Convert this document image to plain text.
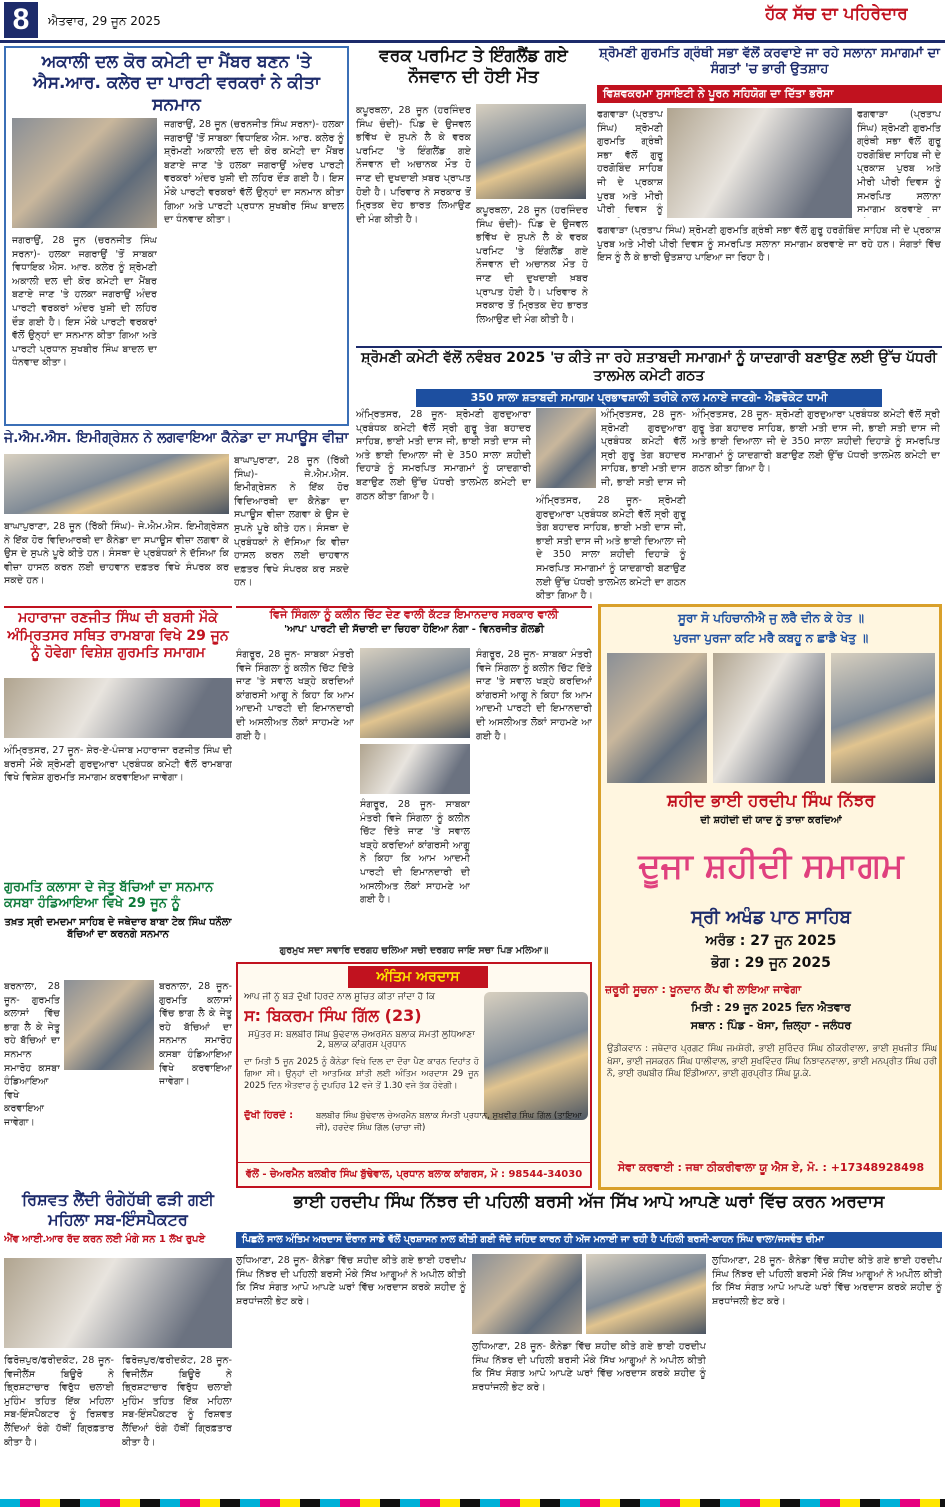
8	ਐਤਵਾਰ, 29 ਜੂਨ 2025	ਹੱਕ ਸੱਚ ਦਾ ਪਹਿਰੇਦਾਰ
ਅਕਾਲੀ ਦਲ ਕੋਰ ਕਮੇਟੀ ਦਾ ਮੈਂਬਰ ਬਣਨ 'ਤੇ ਐਸ.ਆਰ. ਕਲੇਰ ਦਾ ਪਾਰਟੀ ਵਰਕਰਾਂ ਨੇ ਕੀਤਾ ਸਨਮਾਨ
ਜਗਰਾਉਂ, 28 ਜੂਨ (ਚਰਨਜੀਤ ਸਿੰਘ ਸਰਨਾ)- ਹਲਕਾ ਜਗਰਾਉਂ 'ਤੋਂ ਸਾਬਕਾ ਵਿਧਾਇਕ ਐਸ. ਆਰ. ਕਲੇਰ ਨੂੰ ਸ਼੍ਰੋਮਣੀ ਅਕਾਲੀ ਦਲ ਦੀ ਕੋਰ ਕਮੇਟੀ ਦਾ ਮੈਂਬਰ ਬਣਾਏ ਜਾਣ 'ਤੇ ਹਲਕਾ ਜਗਰਾਉਂ ਅੰਦਰ ਪਾਰਟੀ ਵਰਕਰਾਂ ਅੰਦਰ ਖੁਸ਼ੀ ਦੀ ਲਹਿਰ ਦੌੜ ਗਈ ਹੈ। ਇਸ ਮੌਕੇ ਪਾਰਟੀ ਵਰਕਰਾਂ ਵੱਲੋਂ ਉਨ੍ਹਾਂ ਦਾ ਸਨਮਾਨ ਕੀਤਾ ਗਿਆ ਅਤੇ ਪਾਰਟੀ ਪ੍ਰਧਾਨ ਸੁਖਬੀਰ ਸਿੰਘ ਬਾਦਲ ਦਾ ਧੰਨਵਾਦ ਕੀਤਾ।
ਜਗਰਾਉਂ, 28 ਜੂਨ (ਚਰਨਜੀਤ ਸਿੰਘ ਸਰਨਾ)- ਹਲਕਾ ਜਗਰਾਉਂ 'ਤੋਂ ਸਾਬਕਾ ਵਿਧਾਇਕ ਐਸ. ਆਰ. ਕਲੇਰ ਨੂੰ ਸ਼੍ਰੋਮਣੀ ਅਕਾਲੀ ਦਲ ਦੀ ਕੋਰ ਕਮੇਟੀ ਦਾ ਮੈਂਬਰ ਬਣਾਏ ਜਾਣ 'ਤੇ ਹਲਕਾ ਜਗਰਾਉਂ ਅੰਦਰ ਪਾਰਟੀ ਵਰਕਰਾਂ ਅੰਦਰ ਖੁਸ਼ੀ ਦੀ ਲਹਿਰ ਦੌੜ ਗਈ ਹੈ। ਇਸ ਮੌਕੇ ਪਾਰਟੀ ਵਰਕਰਾਂ ਵੱਲੋਂ ਉਨ੍ਹਾਂ ਦਾ ਸਨਮਾਨ ਕੀਤਾ ਗਿਆ ਅਤੇ ਪਾਰਟੀ ਪ੍ਰਧਾਨ ਸੁਖਬੀਰ ਸਿੰਘ ਬਾਦਲ ਦਾ ਧੰਨਵਾਦ ਕੀਤਾ।
ਵਰਕ ਪਰਮਿਟ ਤੇ ਇੰਗਲੈਂਡ ਗਏ ਨੌਜਵਾਨ ਦੀ ਹੋਈ ਮੌਤ
ਕਪੂਰਥਲਾ, 28 ਜੂਨ (ਹਰਜਿੰਦਰ ਸਿੰਘ ਚੰਦੀ)- ਪਿੰਡ ਦੇ ਉਜਵਲ ਭਵਿੱਖ ਦੇ ਸੁਪਨੇ ਲੈ ਕੇ ਵਰਕ ਪਰਮਿਟ 'ਤੇ ਇੰਗਲੈਂਡ ਗਏ ਨੌਜਵਾਨ ਦੀ ਅਚਾਨਕ ਮੌਤ ਹੋ ਜਾਣ ਦੀ ਦੁਖਦਾਈ ਖ਼ਬਰ ਪ੍ਰਾਪਤ ਹੋਈ ਹੈ। ਪਰਿਵਾਰ ਨੇ ਸਰਕਾਰ ਤੋਂ ਮ੍ਰਿਤਕ ਦੇਹ ਭਾਰਤ ਲਿਆਉਣ ਦੀ ਮੰਗ ਕੀਤੀ ਹੈ।
ਕਪੂਰਥਲਾ, 28 ਜੂਨ (ਹਰਜਿੰਦਰ ਸਿੰਘ ਚੰਦੀ)- ਪਿੰਡ ਦੇ ਉਜਵਲ ਭਵਿੱਖ ਦੇ ਸੁਪਨੇ ਲੈ ਕੇ ਵਰਕ ਪਰਮਿਟ 'ਤੇ ਇੰਗਲੈਂਡ ਗਏ ਨੌਜਵਾਨ ਦੀ ਅਚਾਨਕ ਮੌਤ ਹੋ ਜਾਣ ਦੀ ਦੁਖਦਾਈ ਖ਼ਬਰ ਪ੍ਰਾਪਤ ਹੋਈ ਹੈ। ਪਰਿਵਾਰ ਨੇ ਸਰਕਾਰ ਤੋਂ ਮ੍ਰਿਤਕ ਦੇਹ ਭਾਰਤ ਲਿਆਉਣ ਦੀ ਮੰਗ ਕੀਤੀ ਹੈ।
ਸ਼੍ਰੋਮਣੀ ਗੁਰਮਤਿ ਗ੍ਰੰਥੀ ਸਭਾ ਵੱਲੋਂ ਕਰਵਾਏ ਜਾ ਰਹੇ ਸਲਾਨਾ ਸਮਾਗਮਾਂ ਦਾ ਸੰਗਤਾਂ 'ਚ ਭਾਰੀ ਉਤਸ਼ਾਹ
ਵਿਸ਼ਵਕਰਮਾ ਸੁਸਾਇਟੀ ਨੇ ਪੂਰਨ ਸਹਿਯੋਗ ਦਾ ਦਿੱਤਾ ਭਰੋਸਾ
ਫਗਵਾੜਾ (ਪ੍ਰਤਾਪ ਸਿੰਘ) ਸ਼੍ਰੋਮਣੀ ਗੁਰਮਤਿ ਗ੍ਰੰਥੀ ਸਭਾ ਵੱਲੋਂ ਗੁਰੂ ਹਰਗੋਬਿੰਦ ਸਾਹਿਬ ਜੀ ਦੇ ਪ੍ਰਕਾਸ਼ ਪੁਰਬ ਅਤੇ ਮੀਰੀ ਪੀਰੀ ਦਿਵਸ ਨੂੰ
ਫਗਵਾੜਾ (ਪ੍ਰਤਾਪ ਸਿੰਘ) ਸ਼੍ਰੋਮਣੀ ਗੁਰਮਤਿ ਗ੍ਰੰਥੀ ਸਭਾ ਵੱਲੋਂ ਗੁਰੂ ਹਰਗੋਬਿੰਦ ਸਾਹਿਬ ਜੀ ਦੇ ਪ੍ਰਕਾਸ਼ ਪੁਰਬ ਅਤੇ ਮੀਰੀ ਪੀਰੀ ਦਿਵਸ ਨੂੰ ਸਮਰਪਿਤ ਸਲਾਨਾ ਸਮਾਗਮ ਕਰਵਾਏ ਜਾ
ਫਗਵਾੜਾ (ਪ੍ਰਤਾਪ ਸਿੰਘ) ਸ਼੍ਰੋਮਣੀ ਗੁਰਮਤਿ ਗ੍ਰੰਥੀ ਸਭਾ ਵੱਲੋਂ ਗੁਰੂ ਹਰਗੋਬਿੰਦ ਸਾਹਿਬ ਜੀ ਦੇ ਪ੍ਰਕਾਸ਼ ਪੁਰਬ ਅਤੇ ਮੀਰੀ ਪੀਰੀ ਦਿਵਸ ਨੂੰ ਸਮਰਪਿਤ ਸਲਾਨਾ ਸਮਾਗਮ ਕਰਵਾਏ ਜਾ ਰਹੇ ਹਨ। ਸੰਗਤਾਂ ਵਿੱਚ ਇਸ ਨੂੰ ਲੈ ਕੇ ਭਾਰੀ ਉਤਸ਼ਾਹ ਪਾਇਆ ਜਾ ਰਿਹਾ ਹੈ।
ਸ਼੍ਰੋਮਣੀ ਕਮੇਟੀ ਵੱਲੋਂ ਨਵੰਬਰ 2025 'ਚ ਕੀਤੇ ਜਾ ਰਹੇ ਸ਼ਤਾਬਦੀ ਸਮਾਗਮਾਂ ਨੂੰ ਯਾਦਗਾਰੀ ਬਣਾਉਣ ਲਈ ਉੱਚ ਪੱਧਰੀ ਤਾਲਮੇਲ ਕਮੇਟੀ ਗਠਤ
350 ਸਾਲਾ ਸ਼ਤਾਬਦੀ ਸਮਾਗਮ ਪ੍ਰਭਾਵਸ਼ਾਲੀ ਤਰੀਕੇ ਨਾਲ ਮਨਾਏ ਜਾਣਗੇ- ਐਡਵੋਕੇਟ ਧਾਮੀ
ਅੰਮ੍ਰਿਤਸਰ, 28 ਜੂਨ- ਸ਼੍ਰੋਮਣੀ ਗੁਰਦੁਆਰਾ ਪ੍ਰਬੰਧਕ ਕਮੇਟੀ ਵੱਲੋਂ ਸ੍ਰੀ ਗੁਰੂ ਤੇਗ ਬਹਾਦਰ ਸਾਹਿਬ, ਭਾਈ ਮਤੀ ਦਾਸ ਜੀ, ਭਾਈ ਸਤੀ ਦਾਸ ਜੀ ਅਤੇ ਭਾਈ ਦਿਆਲਾ ਜੀ ਦੇ 350 ਸਾਲਾ ਸ਼ਹੀਦੀ ਦਿਹਾੜੇ ਨੂੰ ਸਮਰਪਿਤ ਸਮਾਗਮਾਂ ਨੂੰ ਯਾਦਗਾਰੀ ਬਣਾਉਣ ਲਈ ਉੱਚ ਪੱਧਰੀ ਤਾਲਮੇਲ ਕਮੇਟੀ ਦਾ ਗਠਨ ਕੀਤਾ ਗਿਆ ਹੈ।	ਅੰਮ੍ਰਿਤਸਰ, 28 ਜੂਨ- ਸ਼੍ਰੋਮਣੀ ਗੁਰਦੁਆਰਾ ਪ੍ਰਬੰਧਕ ਕਮੇਟੀ ਵੱਲੋਂ ਸ੍ਰੀ ਗੁਰੂ ਤੇਗ ਬਹਾਦਰ ਸਾਹਿਬ, ਭਾਈ ਮਤੀ ਦਾਸ ਜੀ, ਭਾਈ ਸਤੀ ਦਾਸ ਜੀ ਅਤੇ ਭਾਈ ਦਿਆਲਾ ਜੀ ਦੇ 350 ਸਾਲਾ ਸ਼ਹੀਦੀ ਦਿਹਾੜੇ ਨੂੰ ਸਮਰਪਿਤ ਸਮਾਗਮਾਂ ਨੂੰ ਯਾਦਗਾਰੀ ਬਣਾਉਣ ਲਈ ਉੱਚ ਪੱਧਰੀ ਤਾਲਮੇਲ ਕਮੇਟੀ ਦਾ ਗਠਨ ਕੀਤਾ ਗਿਆ ਹੈ।
ਅੰਮ੍ਰਿਤਸਰ, 28 ਜੂਨ- ਸ਼੍ਰੋਮਣੀ ਗੁਰਦੁਆਰਾ ਪ੍ਰਬੰਧਕ ਕਮੇਟੀ ਵੱਲੋਂ ਸ੍ਰੀ ਗੁਰੂ ਤੇਗ ਬਹਾਦਰ ਸਾਹਿਬ, ਭਾਈ ਮਤੀ ਦਾਸ ਜੀ, ਭਾਈ ਸਤੀ ਦਾਸ ਜੀ
ਅੰਮ੍ਰਿਤਸਰ, 28 ਜੂਨ- ਸ਼੍ਰੋਮਣੀ ਗੁਰਦੁਆਰਾ ਪ੍ਰਬੰਧਕ ਕਮੇਟੀ ਵੱਲੋਂ ਸ੍ਰੀ ਗੁਰੂ ਤੇਗ ਬਹਾਦਰ ਸਾਹਿਬ, ਭਾਈ ਮਤੀ ਦਾਸ ਜੀ, ਭਾਈ ਸਤੀ ਦਾਸ ਜੀ ਅਤੇ ਭਾਈ ਦਿਆਲਾ ਜੀ ਦੇ 350 ਸਾਲਾ ਸ਼ਹੀਦੀ ਦਿਹਾੜੇ ਨੂੰ ਸਮਰਪਿਤ ਸਮਾਗਮਾਂ ਨੂੰ ਯਾਦਗਾਰੀ ਬਣਾਉਣ ਲਈ ਉੱਚ ਪੱਧਰੀ ਤਾਲਮੇਲ ਕਮੇਟੀ ਦਾ ਗਠਨ ਕੀਤਾ ਗਿਆ ਹੈ।
ਜੇ.ਐਮ.ਐਸ. ਇਮੀਗ੍ਰੇਸ਼ਨ ਨੇ ਲਗਵਾਇਆ ਕੈਨੇਡਾ ਦਾ ਸਪਾਊਸ ਵੀਜ਼ਾ
ਬਾਘਾਪੁਰਾਣਾ, 28 ਜੂਨ (ਰਿੱਕੀ ਸਿੰਘ)- ਜੇ.ਐਮ.ਐਸ. ਇਮੀਗ੍ਰੇਸ਼ਨ ਨੇ ਇੱਕ ਹੋਰ ਵਿਦਿਆਰਥੀ ਦਾ ਕੈਨੇਡਾ ਦਾ ਸਪਾਊਸ ਵੀਜ਼ਾ ਲਗਵਾ ਕੇ ਉਸ ਦੇ ਸੁਪਨੇ ਪੂਰੇ ਕੀਤੇ ਹਨ। ਸੰਸਥਾ ਦੇ ਪ੍ਰਬੰਧਕਾਂ ਨੇ ਦੱਸਿਆ ਕਿ ਵੀਜ਼ਾ ਹਾਸਲ ਕਰਨ ਲਈ ਚਾਹਵਾਨ ਦਫ਼ਤਰ ਵਿਖੇ ਸੰਪਰਕ ਕਰ ਸਕਦੇ ਹਨ।
ਬਾਘਾਪੁਰਾਣਾ, 28 ਜੂਨ (ਰਿੱਕੀ ਸਿੰਘ)- ਜੇ.ਐਮ.ਐਸ. ਇਮੀਗ੍ਰੇਸ਼ਨ ਨੇ ਇੱਕ ਹੋਰ ਵਿਦਿਆਰਥੀ ਦਾ ਕੈਨੇਡਾ ਦਾ ਸਪਾਊਸ ਵੀਜ਼ਾ ਲਗਵਾ ਕੇ ਉਸ ਦੇ ਸੁਪਨੇ ਪੂਰੇ ਕੀਤੇ ਹਨ। ਸੰਸਥਾ ਦੇ ਪ੍ਰਬੰਧਕਾਂ ਨੇ ਦੱਸਿਆ ਕਿ ਵੀਜ਼ਾ ਹਾਸਲ ਕਰਨ ਲਈ ਚਾਹਵਾਨ ਦਫ਼ਤਰ ਵਿਖੇ ਸੰਪਰਕ ਕਰ ਸਕਦੇ ਹਨ।
ਮਹਾਰਾਜਾ ਰਣਜੀਤ ਸਿੰਘ ਦੀ ਬਰਸੀ ਮੌਕੇ ਅੰਮ੍ਰਿਤਸਰ ਸਥਿਤ ਰਾਮਬਾਗ ਵਿਖੇ 29 ਜੂਨ ਨੂੰ ਹੋਵੇਗਾ ਵਿਸ਼ੇਸ਼ ਗੁਰਮਤਿ ਸਮਾਗਮ
ਅੰਮ੍ਰਿਤਸਰ, 27 ਜੂਨ- ਸ਼ੇਰ-ਏ-ਪੰਜਾਬ ਮਹਾਰਾਜਾ ਰਣਜੀਤ ਸਿੰਘ ਦੀ ਬਰਸੀ ਮੌਕੇ ਸ਼੍ਰੋਮਣੀ ਗੁਰਦੁਆਰਾ ਪ੍ਰਬੰਧਕ ਕਮੇਟੀ ਵੱਲੋਂ ਰਾਮਬਾਗ ਵਿਖੇ ਵਿਸ਼ੇਸ਼ ਗੁਰਮਤਿ ਸਮਾਗਮ ਕਰਵਾਇਆ ਜਾਵੇਗਾ।
ਗੁਰਮਤਿ ਕਲਾਸਾ ਦੇ ਜੇਤੂ ਬੱਚਿਆਂ ਦਾ ਸਨਮਾਨ ਕਸਬਾ ਹੰਡਿਆਇਆ ਵਿਖੇ 29 ਜੂਨ ਨੂੰ
ਤਖ਼ਤ ਸ੍ਰੀ ਦਮਦਮਾ ਸਾਹਿਬ ਦੇ ਜਥੇਦਾਰ ਬਾਬਾ ਟੇਕ ਸਿੰਘ ਧਨੌਲਾ ਬੱਚਿਆਂ ਦਾ ਕਰਨਗੇ ਸਨਮਾਨ
ਬਰਨਾਲਾ, 28 ਜੂਨ- ਗੁਰਮਤਿ ਕਲਾਸਾਂ ਵਿੱਚ ਭਾਗ ਲੈ ਕੇ ਜੇਤੂ ਰਹੇ ਬੱਚਿਆਂ ਦਾ ਸਨਮਾਨ ਸਮਾਰੋਹ ਕਸਬਾ ਹੰਡਿਆਇਆ ਵਿਖੇ ਕਰਵਾਇਆ ਜਾਵੇਗਾ।
ਬਰਨਾਲਾ, 28 ਜੂਨ- ਗੁਰਮਤਿ ਕਲਾਸਾਂ ਵਿੱਚ ਭਾਗ ਲੈ ਕੇ ਜੇਤੂ ਰਹੇ ਬੱਚਿਆਂ ਦਾ ਸਨਮਾਨ ਸਮਾਰੋਹ ਕਸਬਾ ਹੰਡਿਆਇਆ ਵਿਖੇ ਕਰਵਾਇਆ ਜਾਵੇਗਾ।
ਵਿਜੇ ਸਿੰਗਲਾ ਨੂੰ ਕਲੀਨ ਚਿੱਟ ਦੇਣ ਵਾਲੀ ਕੱਟੜ ਇਮਾਨਦਾਰ ਸਰਕਾਰ ਵਾਲੀ
'ਆਪ' ਪਾਰਟੀ ਦੀ ਸੱਚਾਈ ਦਾ ਚਿਹਰਾ ਹੋਇਆ ਨੰਗਾ - ਵਿਨਰਜੀਤ ਗੋਲਡੀ
ਸੰਗਰੂਰ, 28 ਜੂਨ- ਸਾਬਕਾ ਮੰਤਰੀ ਵਿਜੇ ਸਿੰਗਲਾ ਨੂੰ ਕਲੀਨ ਚਿੱਟ ਦਿੱਤੇ ਜਾਣ 'ਤੇ ਸਵਾਲ ਖੜ੍ਹੇ ਕਰਦਿਆਂ ਕਾਂਗਰਸੀ ਆਗੂ ਨੇ ਕਿਹਾ ਕਿ ਆਮ ਆਦਮੀ ਪਾਰਟੀ ਦੀ ਇਮਾਨਦਾਰੀ ਦੀ ਅਸਲੀਅਤ ਲੋਕਾਂ ਸਾਹਮਣੇ ਆ ਗਈ ਹੈ।
ਸੰਗਰੂਰ, 28 ਜੂਨ- ਸਾਬਕਾ ਮੰਤਰੀ ਵਿਜੇ ਸਿੰਗਲਾ ਨੂੰ ਕਲੀਨ ਚਿੱਟ ਦਿੱਤੇ ਜਾਣ 'ਤੇ ਸਵਾਲ ਖੜ੍ਹੇ ਕਰਦਿਆਂ ਕਾਂਗਰਸੀ ਆਗੂ ਨੇ ਕਿਹਾ ਕਿ ਆਮ ਆਦਮੀ ਪਾਰਟੀ ਦੀ ਇਮਾਨਦਾਰੀ ਦੀ ਅਸਲੀਅਤ ਲੋਕਾਂ ਸਾਹਮਣੇ ਆ ਗਈ ਹੈ।
ਸੰਗਰੂਰ, 28 ਜੂਨ- ਸਾਬਕਾ ਮੰਤਰੀ ਵਿਜੇ ਸਿੰਗਲਾ ਨੂੰ ਕਲੀਨ ਚਿੱਟ ਦਿੱਤੇ ਜਾਣ 'ਤੇ ਸਵਾਲ ਖੜ੍ਹੇ ਕਰਦਿਆਂ ਕਾਂਗਰਸੀ ਆਗੂ ਨੇ ਕਿਹਾ ਕਿ ਆਮ ਆਦਮੀ ਪਾਰਟੀ ਦੀ ਇਮਾਨਦਾਰੀ ਦੀ ਅਸਲੀਅਤ ਲੋਕਾਂ ਸਾਹਮਣੇ ਆ ਗਈ ਹੈ।
ਗੁਰਮੁਖ ਸਦਾ ਸਵਾਰਿ ਦਰਗਹ ਚਲਿਆ ਸਚੀ ਦਰਗਹ ਜਾਇ ਸਚਾ ਪਿੜ ਮਲਿਆ॥
ਅੰਤਿਮ ਅਰਦਾਸ
ਆਪ ਜੀ ਨੂੰ ਬੜੇ ਦੁੱਖੀ ਹਿਰਦੇ ਨਾਲ ਸੂਚਿਤ ਕੀਤਾ ਜਾਂਦਾ ਹੈ ਕਿ
ਸ: ਬਿਕਰਮ ਸਿੰਘ ਗਿੱਲ (23)
ਸਪੁੱਤਰ ਸ: ਬਲਬੀਰ ਸਿੰਘ ਬੁੱਢੇਵਾਲ ਚੇਅਰਮੈਨ ਬਲਾਕ ਸੰਮਤੀ ਲੁਧਿਆਣਾ 2, ਬਲਾਕ ਕਾਂਗਰਸ ਪ੍ਰਧਾਨ
ਦਾ ਮਿਤੀ 5 ਜੂਨ 2025 ਨੂੰ ਕੈਨੇਡਾ ਵਿਖੇ ਦਿਲ ਦਾ ਦੌਰਾ ਪੈਣ ਕਾਰਨ ਦਿਹਾਂਤ ਹੋ ਗਿਆ ਸੀ। ਉਨ੍ਹਾਂ ਦੀ ਆਤਮਿਕ ਸ਼ਾਂਤੀ ਲਈ ਅੰਤਿਮ ਅਰਦਾਸ 29 ਜੂਨ 2025 ਦਿਨ ਐਤਵਾਰ ਨੂੰ ਦੁਪਹਿਰ 12 ਵਜੇ ਤੋਂ 1.30 ਵਜੇ ਤੱਕ ਹੋਵੇਗੀ।
ਦੁੱਖੀ ਹਿਰਦੇ :	ਬਲਬੀਰ ਸਿੰਘ ਬੁੱਢੇਵਾਲ ਚੇਅਰਮੈਨ ਬਲਾਕ ਸੰਮਤੀ ਪ੍ਰਧਾਨ, ਸੁਖਵੀਰ ਸਿੰਘ ਗਿੱਲ (ਤਾਇਆ ਜੀ), ਹਰਦੇਵ ਸਿੰਘ ਗਿੱਲ (ਚਾਚਾ ਜੀ)
ਵੱਲੋਂ - ਚੇਅਰਮੈਨ ਬਲਬੀਰ ਸਿੰਘ ਬੁੱਢੇਵਾਲ, ਪ੍ਰਧਾਨ ਬਲਾਕ ਕਾਂਗਰਸ, ਮੋ : 98544-34030
ਸੂਰਾ ਸੋ ਪਹਿਚਾਨੀਐ ਜੁ ਲਰੈ ਦੀਨ ਕੇ ਹੇਤ ॥
ਪੁਰਜਾ ਪੁਰਜਾ ਕਟਿ ਮਰੈ ਕਬਹੂ ਨ ਛਾਡੈ ਖੇਤੁ ॥
ਸ਼ਹੀਦ ਭਾਈ ਹਰਦੀਪ ਸਿੰਘ ਨਿੱਝਰ
ਦੀ ਸ਼ਹੀਦੀ ਦੀ ਯਾਦ ਨੂੰ ਤਾਜ਼ਾ ਕਰਦਿਆਂ
ਦੂਜਾ ਸ਼ਹੀਦੀ ਸਮਾਗਮ
ਸ੍ਰੀ ਅਖੰਡ ਪਾਠ ਸਾਹਿਬ
ਅਰੰਭ : 27 ਜੂਨ 2025
ਭੋਗ : 29 ਜੂਨ 2025
ਜ਼ਰੂਰੀ ਸੂਚਨਾ : ਖੂਨਦਾਨ ਕੈਂਪ ਵੀ ਲਾਇਆ ਜਾਵੇਗਾ
ਮਿਤੀ : 29 ਜੂਨ 2025 ਦਿਨ ਐਤਵਾਰ
ਸਥਾਨ : ਪਿੰਡ - ਖੋਸਾ, ਜ਼ਿਲ੍ਹਾ - ਜਲੰਧਰ
ਉਡੀਕਵਾਨ : ਜਥੇਦਾਰ ਪ੍ਰਗਟ ਸਿੰਘ ਜਮਸ਼ੇਰੀ, ਭਾਈ ਸੁਰਿੰਦਰ ਸਿੰਘ ਠੀਕਰੀਵਾਲਾ, ਭਾਈ ਸੁਖਜੀਤ ਸਿੰਘ ਖੋਸਾ, ਭਾਈ ਜਸਕਰਨ ਸਿੰਘ ਧਾਲੀਵਾਲ, ਭਾਈ ਸੁਖਵਿੰਦਰ ਸਿੰਘ ਨਿਝਾਵਨਵਾਲਾ, ਭਾਈ ਮਨਪ੍ਰੀਤ ਸਿੰਘ ਹਰੀ ਨੌ, ਭਾਈ ਰਘਬੀਰ ਸਿੰਘ ਇੰਡੀਆਨਾ, ਭਾਈ ਗੁਰਪ੍ਰੀਤ ਸਿੰਘ ਯੂ.ਕੇ.
ਸੇਵਾ ਕਰਵਾਈ : ਜਥਾ ਠੀਕਰੀਵਾਲਾ ਯੂ ਐਸ ਏ, ਮੋ. : +17348928498
ਰਿਸ਼ਵਤ ਲੈਂਦੀ ਰੰਗੇਹੱਥੀ ਫੜੀ ਗਈ ਮਹਿਲਾ ਸਬ-ਇੰਸਪੈਕਟਰ
ਐਂਵ ਆਈ.ਆਰ ਰੱਦ ਕਰਨ ਲਈ ਮੰਗੇ ਸਨ 1 ਲੱਖ ਰੁਪਏ
ਫਿਰੋਜ਼ਪੁਰ/ਫਰੀਦਕੋਟ, 28 ਜੂਨ- ਵਿਜੀਲੈਂਸ ਬਿਊਰੋ ਨੇ ਭ੍ਰਿਸ਼ਟਾਚਾਰ ਵਿਰੁੱਧ ਚਲਾਈ ਮੁਹਿੰਮ ਤਹਿਤ ਇੱਕ ਮਹਿਲਾ ਸਬ-ਇੰਸਪੈਕਟਰ ਨੂੰ ਰਿਸ਼ਵਤ ਲੈਂਦਿਆਂ ਰੰਗੇ ਹੱਥੀਂ ਗ੍ਰਿਫ਼ਤਾਰ ਕੀਤਾ ਹੈ।
ਫਿਰੋਜ਼ਪੁਰ/ਫਰੀਦਕੋਟ, 28 ਜੂਨ- ਵਿਜੀਲੈਂਸ ਬਿਊਰੋ ਨੇ ਭ੍ਰਿਸ਼ਟਾਚਾਰ ਵਿਰੁੱਧ ਚਲਾਈ ਮੁਹਿੰਮ ਤਹਿਤ ਇੱਕ ਮਹਿਲਾ ਸਬ-ਇੰਸਪੈਕਟਰ ਨੂੰ ਰਿਸ਼ਵਤ ਲੈਂਦਿਆਂ ਰੰਗੇ ਹੱਥੀਂ ਗ੍ਰਿਫ਼ਤਾਰ ਕੀਤਾ ਹੈ।
ਭਾਈ ਹਰਦੀਪ ਸਿੰਘ ਨਿੱਝਰ ਦੀ ਪਹਿਲੀ ਬਰਸੀ ਅੱਜ ਸਿੱਖ ਆਪੋ ਆਪਣੇ ਘਰਾਂ ਵਿੱਚ ਕਰਨ ਅਰਦਾਸ
ਪਿਛਲੇ ਸਾਲ ਅੰਤਿਮ ਅਰਦਾਸ ਦੌਰਾਨ ਸਾਡੇ ਵੱਲੋਂ ਪ੍ਰਸ਼ਾਸਨ ਨਾਲ ਕੀਤੀ ਗਈ ਜੱਦੋ ਜਹਿਦ ਕਾਰਨ ਹੀ ਅੱਜ ਮਨਾਈ ਜਾ ਰਹੀ ਹੈ ਪਹਿਲੀ ਬਰਸੀ-ਕਾਹਨ ਸਿੰਘ ਵਾਲਾ/ਜਸਵੰਤ ਚੀਮਾ
ਲੁਧਿਆਣਾ, 28 ਜੂਨ- ਕੈਨੇਡਾ ਵਿੱਚ ਸ਼ਹੀਦ ਕੀਤੇ ਗਏ ਭਾਈ ਹਰਦੀਪ ਸਿੰਘ ਨਿੱਝਰ ਦੀ ਪਹਿਲੀ ਬਰਸੀ ਮੌਕੇ ਸਿੱਖ ਆਗੂਆਂ ਨੇ ਅਪੀਲ ਕੀਤੀ ਕਿ ਸਿੱਖ ਸੰਗਤ ਆਪੋ ਆਪਣੇ ਘਰਾਂ ਵਿੱਚ ਅਰਦਾਸ ਕਰਕੇ ਸ਼ਹੀਦ ਨੂੰ ਸ਼ਰਧਾਂਜਲੀ ਭੇਟ ਕਰੇ।
ਲੁਧਿਆਣਾ, 28 ਜੂਨ- ਕੈਨੇਡਾ ਵਿੱਚ ਸ਼ਹੀਦ ਕੀਤੇ ਗਏ ਭਾਈ ਹਰਦੀਪ ਸਿੰਘ ਨਿੱਝਰ ਦੀ ਪਹਿਲੀ ਬਰਸੀ ਮੌਕੇ ਸਿੱਖ ਆਗੂਆਂ ਨੇ ਅਪੀਲ ਕੀਤੀ ਕਿ ਸਿੱਖ ਸੰਗਤ ਆਪੋ ਆਪਣੇ ਘਰਾਂ ਵਿੱਚ ਅਰਦਾਸ ਕਰਕੇ ਸ਼ਹੀਦ ਨੂੰ ਸ਼ਰਧਾਂਜਲੀ ਭੇਟ ਕਰੇ।
ਲੁਧਿਆਣਾ, 28 ਜੂਨ- ਕੈਨੇਡਾ ਵਿੱਚ ਸ਼ਹੀਦ ਕੀਤੇ ਗਏ ਭਾਈ ਹਰਦੀਪ ਸਿੰਘ ਨਿੱਝਰ ਦੀ ਪਹਿਲੀ ਬਰਸੀ ਮੌਕੇ ਸਿੱਖ ਆਗੂਆਂ ਨੇ ਅਪੀਲ ਕੀਤੀ ਕਿ ਸਿੱਖ ਸੰਗਤ ਆਪੋ ਆਪਣੇ ਘਰਾਂ ਵਿੱਚ ਅਰਦਾਸ ਕਰਕੇ ਸ਼ਹੀਦ ਨੂੰ ਸ਼ਰਧਾਂਜਲੀ ਭੇਟ ਕਰੇ।
